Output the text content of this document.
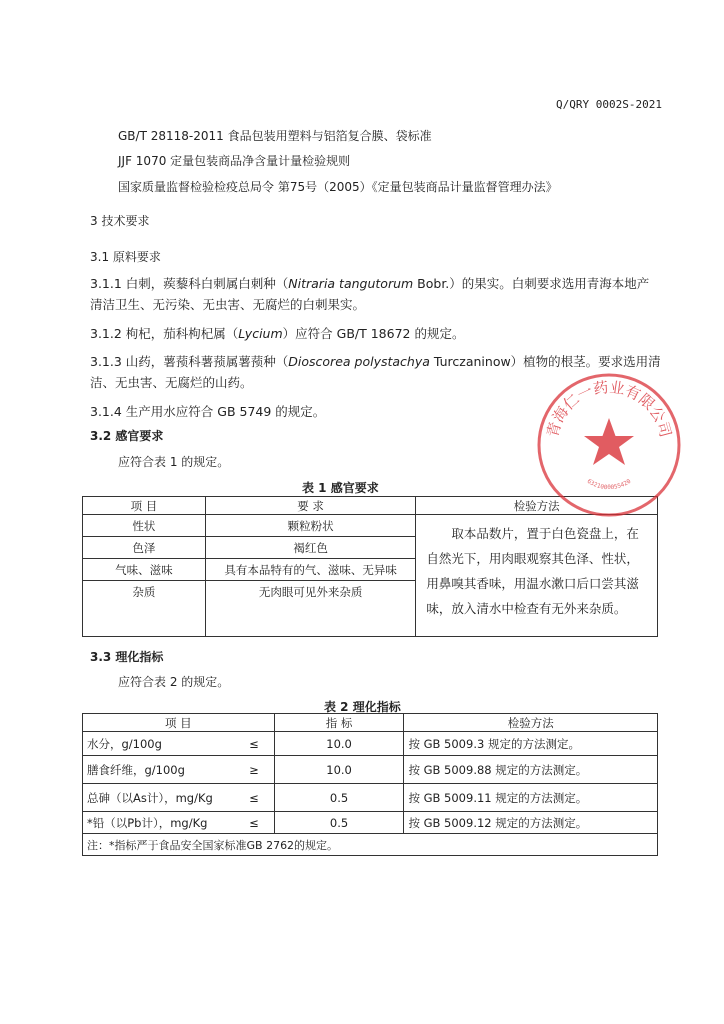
Q/QRY 0002S-2021
GB/T 28118-2011 食品包装用塑料与铝箔复合膜、袋标准
JJF 1070 定量包装商品净含量计量检验规则
国家质量监督检验检疫总局令 第75号（2005）《定量包装商品计量监督管理办法》
3 技术要求
3.1 原料要求
3.1.1 白刺，蒺藜科白刺属白刺种（Nitraria tangutorum Bobr.）的果实。白刺要求选用青海本地产
清洁卫生、无污染、无虫害、无腐烂的白刺果实。
3.1.2 枸杞，茄科枸杞属（Lycium）应符合 GB/T 18672 的规定。
3.1.3 山药，薯蓣科薯蓣属薯蓣种（Dioscorea polystachya Turczaninow）植物的根茎。要求选用清
洁、无虫害、无腐烂的山药。
3.1.4 生产用水应符合 GB 5749 的规定。
3.2 感官要求
应符合表 1 的规定。
表 1 感官要求
项 目	要 求	检验方法
性状	颗粒粉状	取本品数片，置于白色瓷盘上，在自然光下，用肉眼观察其色泽、性状，用鼻嗅其香味，用温水漱口后口尝其滋味，放入清水中检查有无外来杂质。
色泽	褐红色	
气味、滋味	具有本品特有的气、滋味、无异味	
杂质	无肉眼可见外来杂质	
3.3 理化指标
应符合表 2 的规定。
表 2 理化指标
项 目		指 标	检验方法
水分，g/100g	≤	10.0	按 GB 5009.3 规定的方法测定。
膳食纤维，g/100g	≥	10.0	按 GB 5009.88 规定的方法测定。
总砷（以As计），mg/Kg	≤	0.5	按 GB 5009.11 规定的方法测定。
*铅（以Pb计），mg/Kg	≤	0.5	按 GB 5009.12 规定的方法测定。
注：*指标严于食品安全国家标准GB 2762的规定。			
青海仁一药业有限公司
6321000055420
